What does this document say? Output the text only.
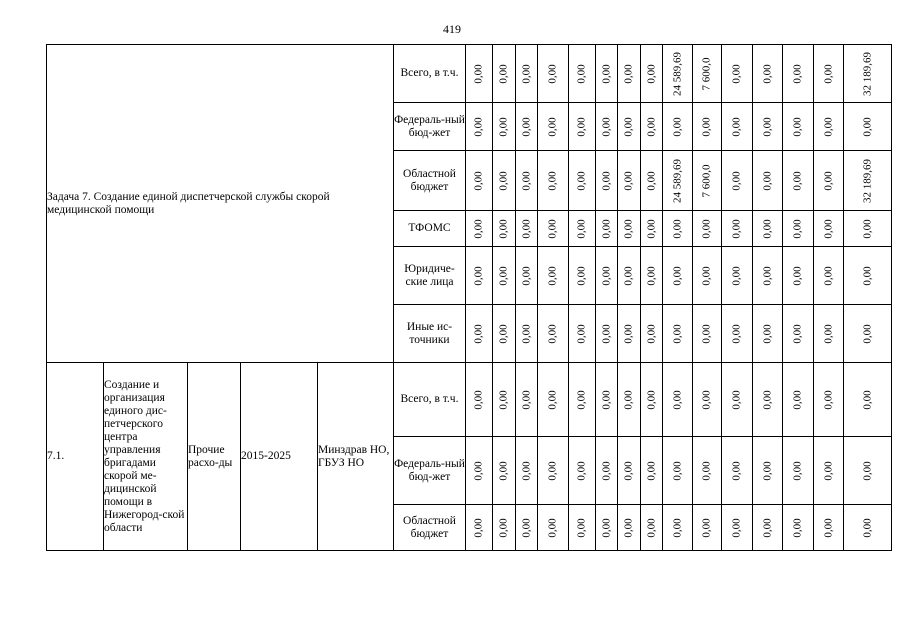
419
Задача 7. Создание единой диспетчерской службы скорой медицинской помощи					Всего, в т.ч.	0,00	0,00	0,00	0,00	0,00	0,00	0,00	0,00	24 589,69	7 600,0	0,00	0,00	0,00	0,00	32 189,69

					Федераль-ный бюд-жет	0,00	0,00	0,00	0,00	0,00	0,00	0,00	0,00	0,00	0,00	0,00	0,00	0,00	0,00	0,00

					Областной бюджет	0,00	0,00	0,00	0,00	0,00	0,00	0,00	0,00	24 589,69	7 600,0	0,00	0,00	0,00	0,00	32 189,69

					ТФОМС	0,00	0,00	0,00	0,00	0,00	0,00	0,00	0,00	0,00	0,00	0,00	0,00	0,00	0,00	0,00

					Юридиче-ские лица	0,00	0,00	0,00	0,00	0,00	0,00	0,00	0,00	0,00	0,00	0,00	0,00	0,00	0,00	0,00

					Иные ис-точники	0,00	0,00	0,00	0,00	0,00	0,00	0,00	0,00	0,00	0,00	0,00	0,00	0,00	0,00	0,00

7.1.	Создание и организация единого дис-петчерского центра управления бригадами скорой ме-дицинской помощи в Нижегород-ской области	Прочие расхо-ды	2015-2025	Минздрав НО, ГБУЗ НО	Всего, в т.ч.	0,00	0,00	0,00	0,00	0,00	0,00	0,00	0,00	0,00	0,00	0,00	0,00	0,00	0,00	0,00

					Федераль-ный бюд-жет	0,00	0,00	0,00	0,00	0,00	0,00	0,00	0,00	0,00	0,00	0,00	0,00	0,00	0,00	0,00

					Областной бюджет	0,00	0,00	0,00	0,00	0,00	0,00	0,00	0,00	0,00	0,00	0,00	0,00	0,00	0,00	0,00
